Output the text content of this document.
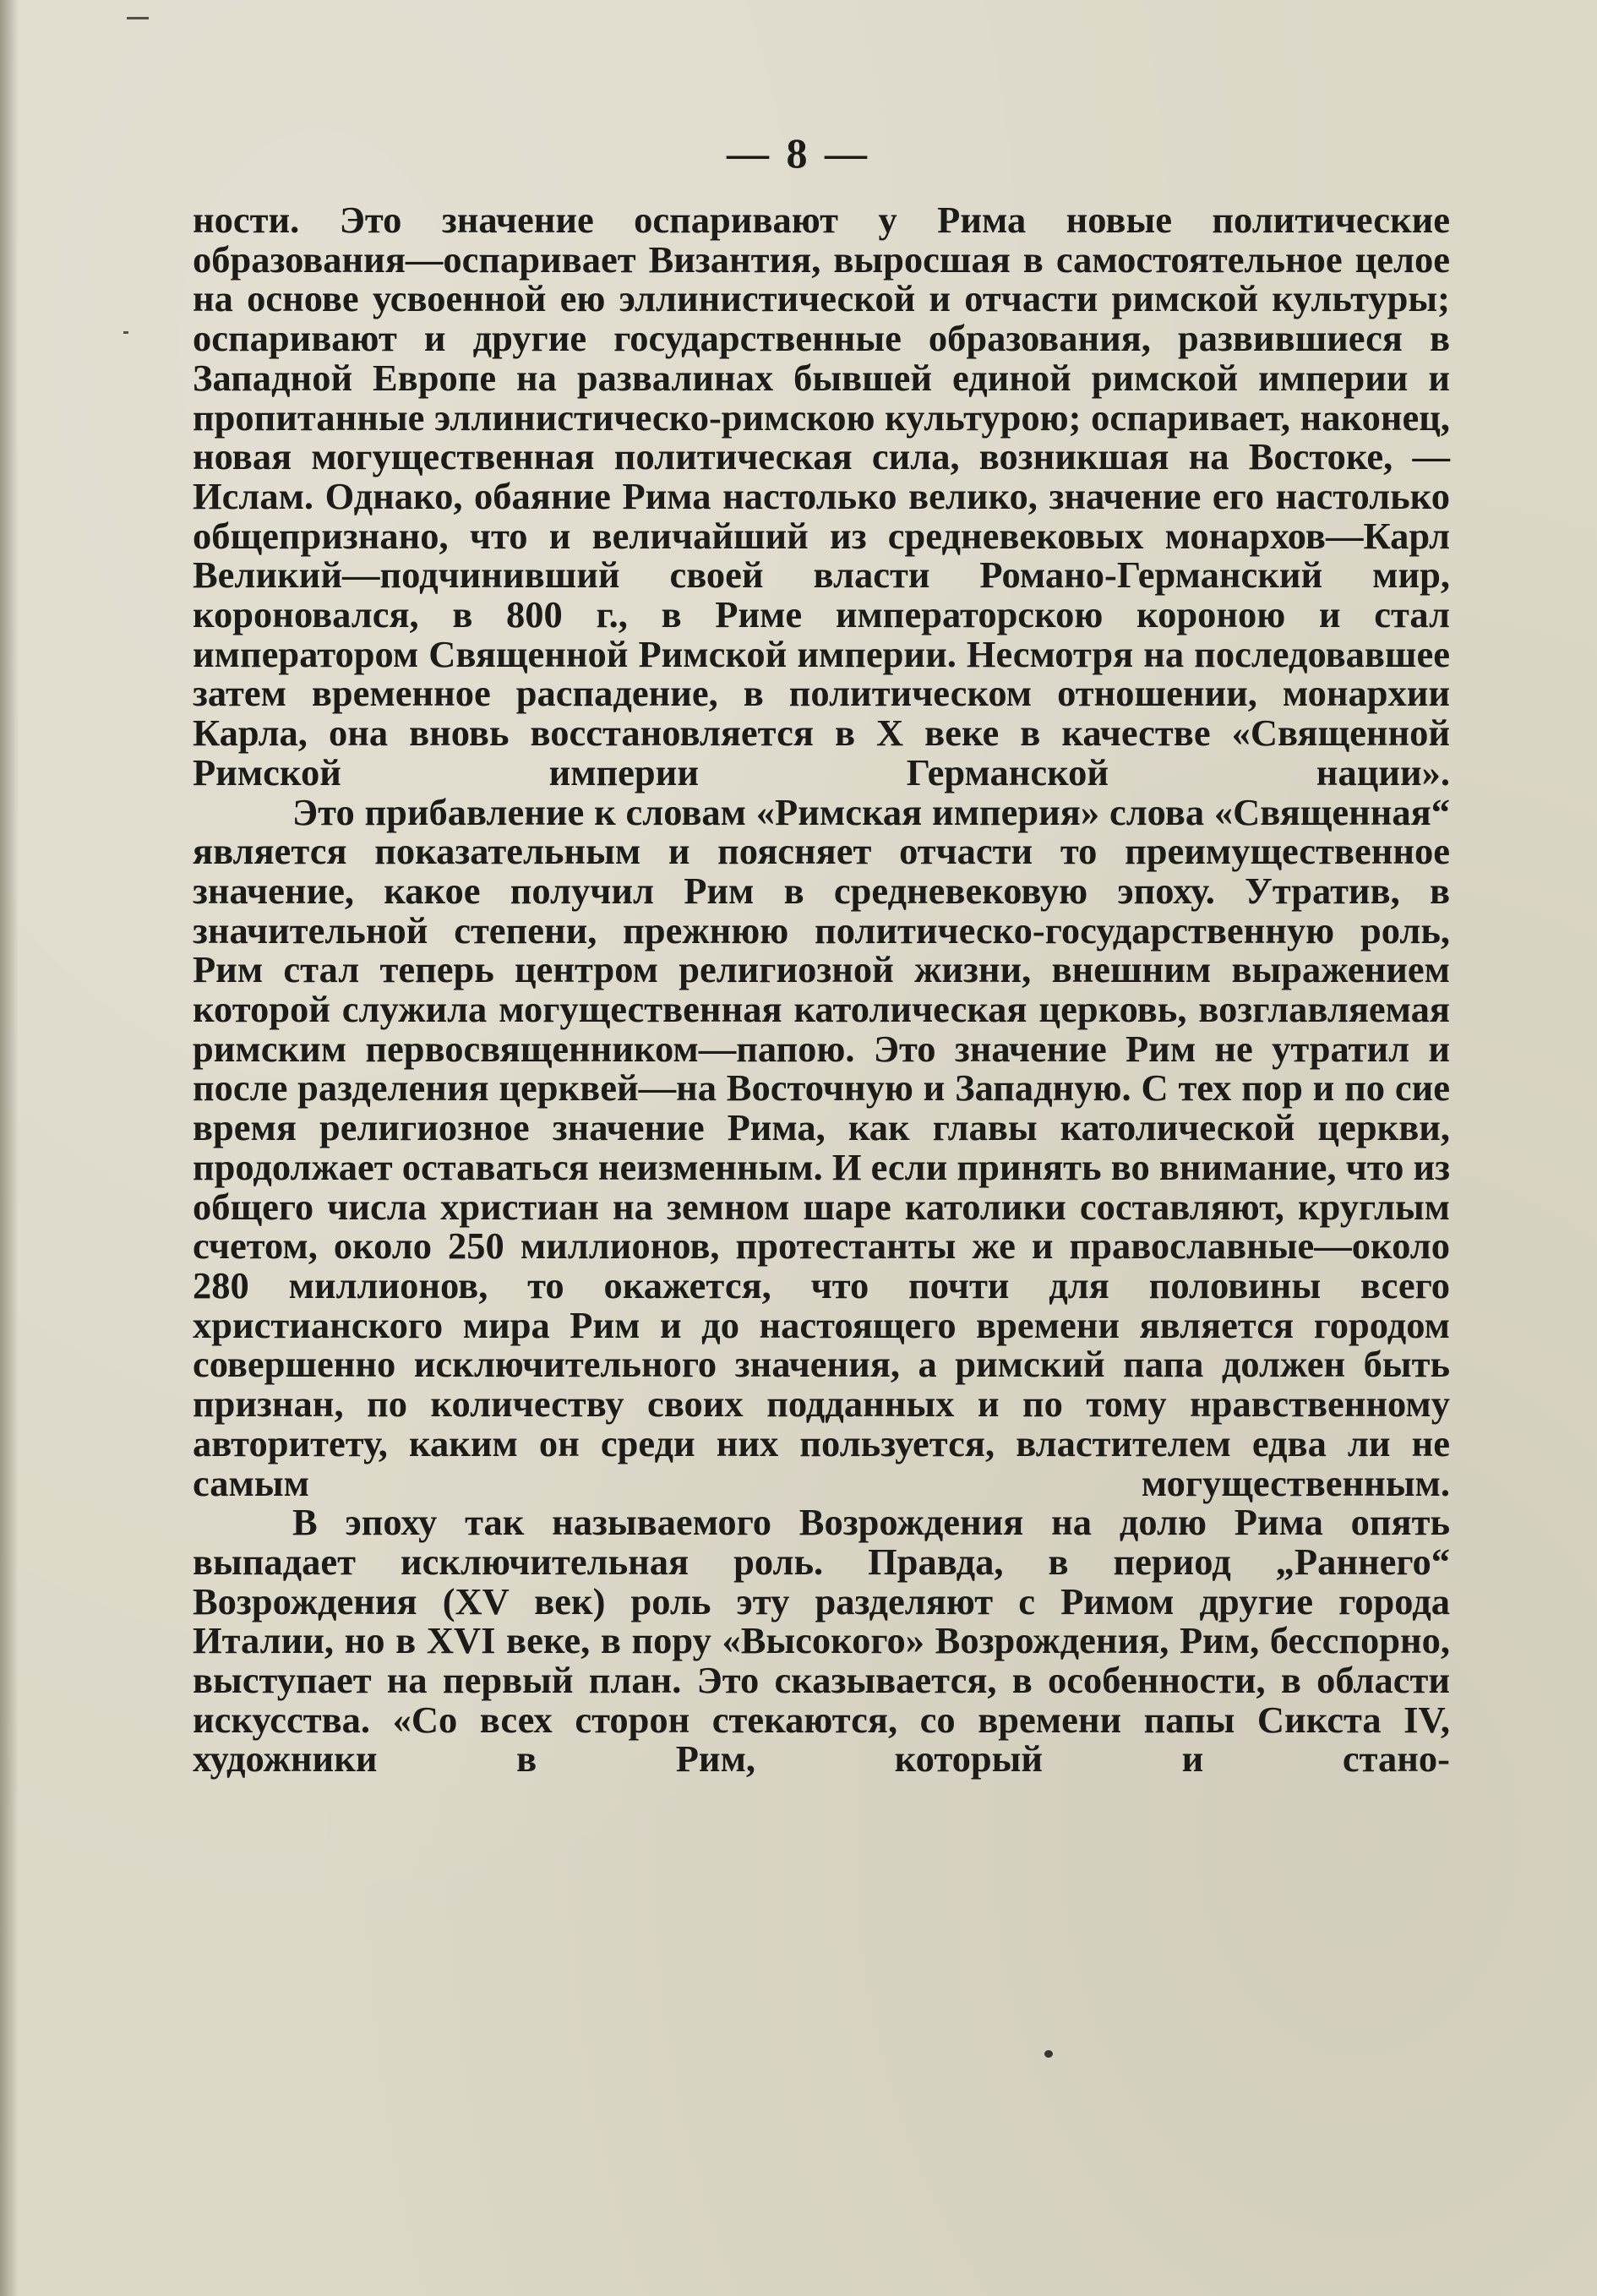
— 8 —

ности. Это значение оспаривают у Рима новые политические образования—оспаривает Византия, выросшая в самостоятельное целое на основе усвоенной ею эллинистической и отчасти римской культуры; оспаривают и другие государственные образования, развившиеся в Западной Европе на развалинах бывшей единой римской империи и пропитанные эллинистическо-римскою культурою; оспаривает, наконец, новая могущественная политическая сила, возникшая на Востоке, — Ислам. Однако, обаяние Рима настолько велико, значение его настолько общепризнано, что и величайший из средневековых монархов—Карл Великий—подчинивший своей власти Романо-Германский мир, короновался, в 800 г., в Риме императорскою короною и стал императором Священной Римской империи. Несмотря на последовавшее затем временное распадение, в политическом отношении, монархии Карла, она вновь восстановляется в X веке в качестве «Священной Римской империи Германской нации».

Это прибавление к словам «Римская империя» слова «Священная“ является показательным и поясняет отчасти то преимущественное значение, какое получил Рим в средневековую эпоху. Утратив, в значительной степени, прежнюю политическо-государственную роль, Рим стал теперь центром религиозной жизни, внешним выражением которой служила могущественная католическая церковь, возглавляемая римским первосвященником—папою. Это значение Рим не утратил и после разделения церквей—на Восточную и Западную. С тех пор и по сие время религиозное значение Рима, как главы католической церкви, продолжает оставаться неизменным. И если принять во внимание, что из общего числа христиан на земном шаре католики составляют, круглым счетом, около 250 миллионов, протестанты же и православные—около 280 миллионов, то окажется, что почти для половины всего христианского мира Рим и до настоящего времени является городом совершенно исключительного значения, а римский папа должен быть признан, по количеству своих подданных и по тому нравственному авторитету, каким он среди них пользуется, властителем едва ли не самым могущественным.

В эпоху так называемого Возрождения на долю Рима опять выпадает исключительная роль. Правда, в период „Раннего“ Возрождения (XV век) роль эту разделяют с Римом другие города Италии, но в XVI веке, в пору «Высокого» Возрождения, Рим, бесспорно, выступает на первый план. Это сказывается, в особенности, в области искусства. «Со всех сторон стекаются, со времени папы Сикста IV, художники в Рим, который и стано-
